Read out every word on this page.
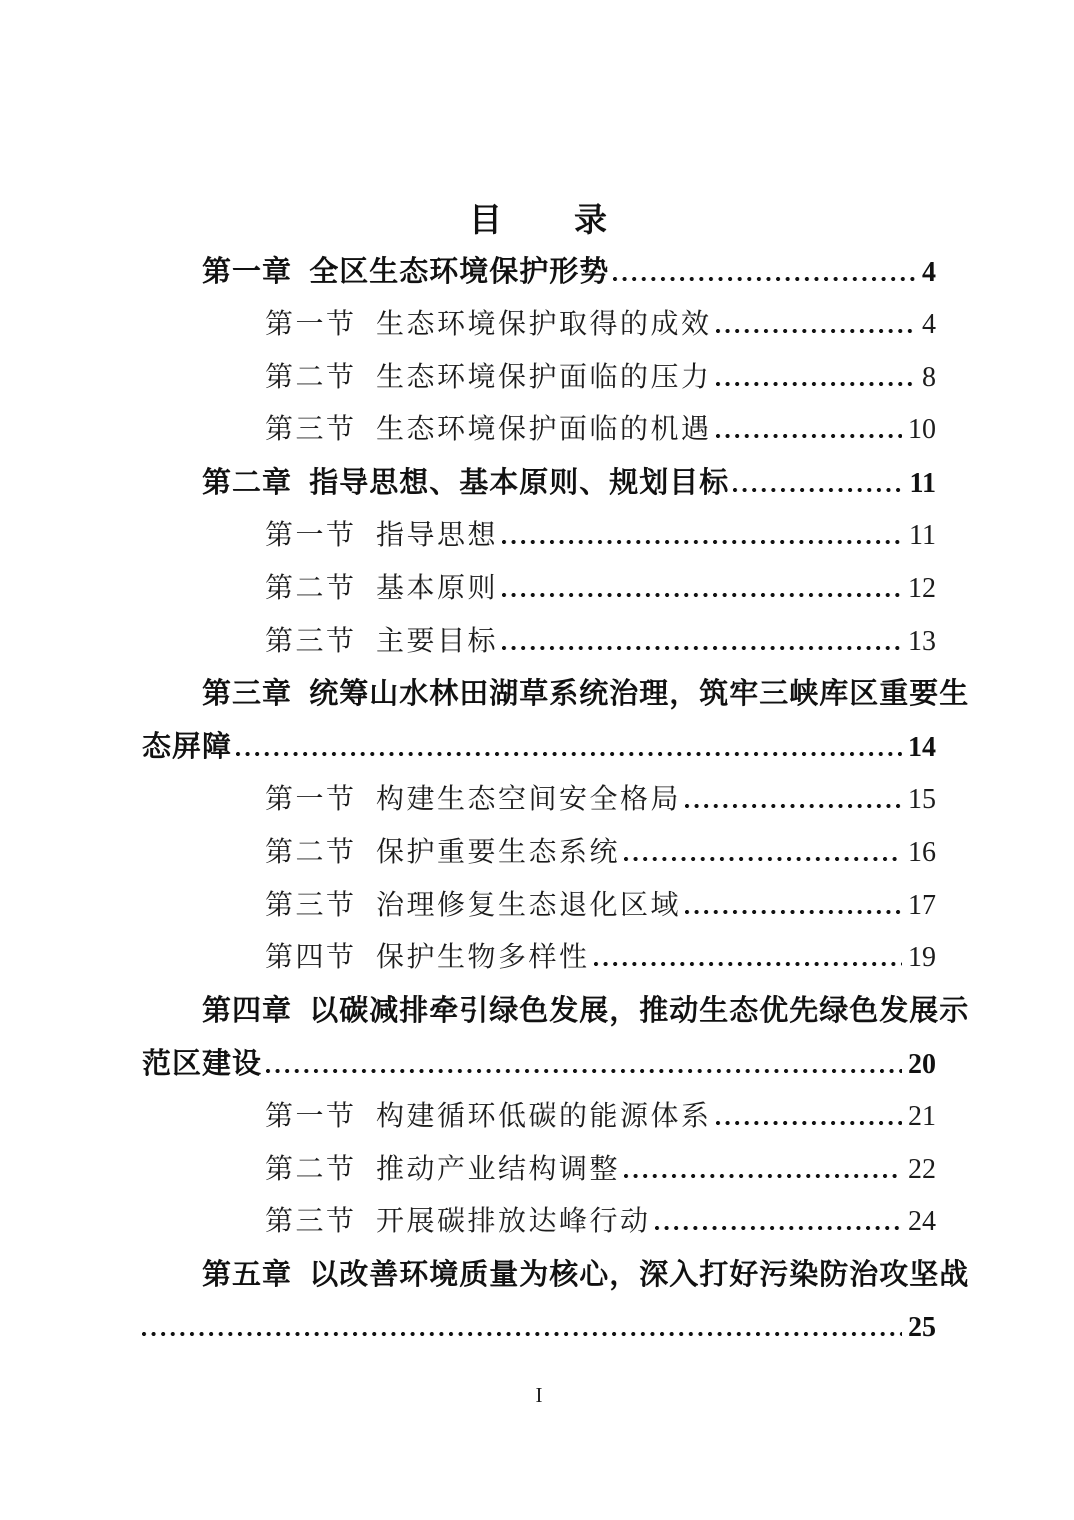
目　　录
第一章 全区生态环境保护形势	4
第一节 生态环境保护取得的成效	4
第二节 生态环境保护面临的压力	8
第三节 生态环境保护面临的机遇	10
第二章 指导思想、基本原则、规划目标	11
第一节 指导思想	11
第二节 基本原则	12
第三节 主要目标	13
第三章 统筹山水林田湖草系统治理，筑牢三峡库区重要生
态屏障	14
第一节 构建生态空间安全格局	15
第二节 保护重要生态系统	16
第三节 治理修复生态退化区域	17
第四节 保护生物多样性	19
第四章 以碳减排牵引绿色发展，推动生态优先绿色发展示
范区建设	20
第一节 构建循环低碳的能源体系	21
第二节 推动产业结构调整	22
第三节 开展碳排放达峰行动	24
第五章 以改善环境质量为核心，深入打好污染防治攻坚战
25
I
